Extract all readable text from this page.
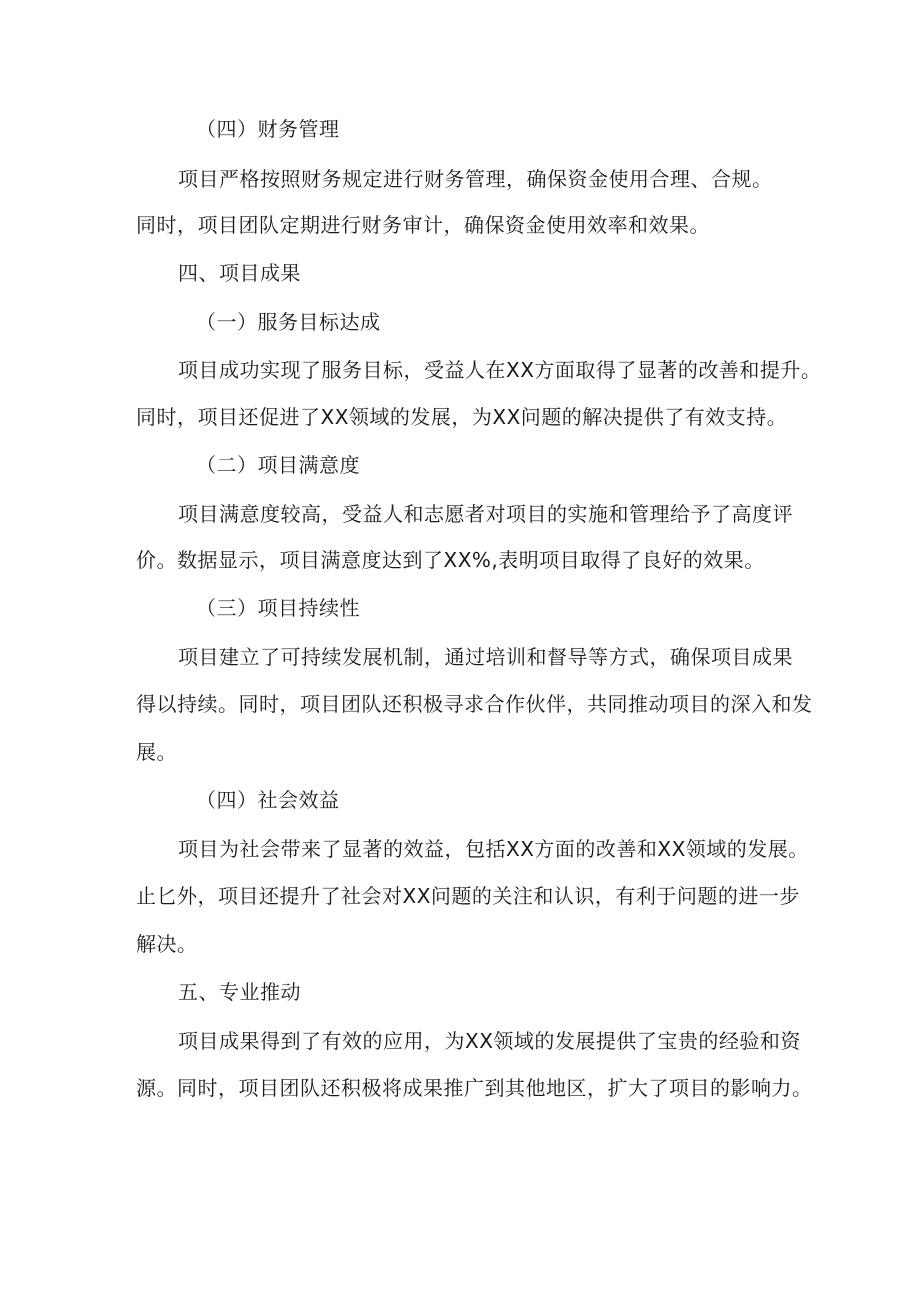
（四）财务管理
项目严格按照财务规定进行财务管理，确保资金使用合理、合规。
同时，项目团队定期进行财务审计，确保资金使用效率和效果。
四、项目成果
（一）服务目标达成
项目成功实现了服务目标，受益人在XX方面取得了显著的改善和提升。
同时，项目还促进了XX领域的发展，为XX问题的解决提供了有效支持。
（二）项目满意度
项目满意度较高，受益人和志愿者对项目的实施和管理给予了高度评
价。数据显示，项目满意度达到了XX%,表明项目取得了良好的效果。
（三）项目持续性
项目建立了可持续发展机制，通过培训和督导等方式，确保项目成果
得以持续。同时，项目团队还积极寻求合作伙伴，共同推动项目的深入和发
展。
（四）社会效益
项目为社会带来了显著的效益，包括XX方面的改善和XX领域的发展。
止匕外，项目还提升了社会对XX问题的关注和认识，有利于问题的进一步
解决。
五、专业推动
项目成果得到了有效的应用，为XX领域的发展提供了宝贵的经验和资
源。同时，项目团队还积极将成果推广到其他地区，扩大了项目的影响力。
